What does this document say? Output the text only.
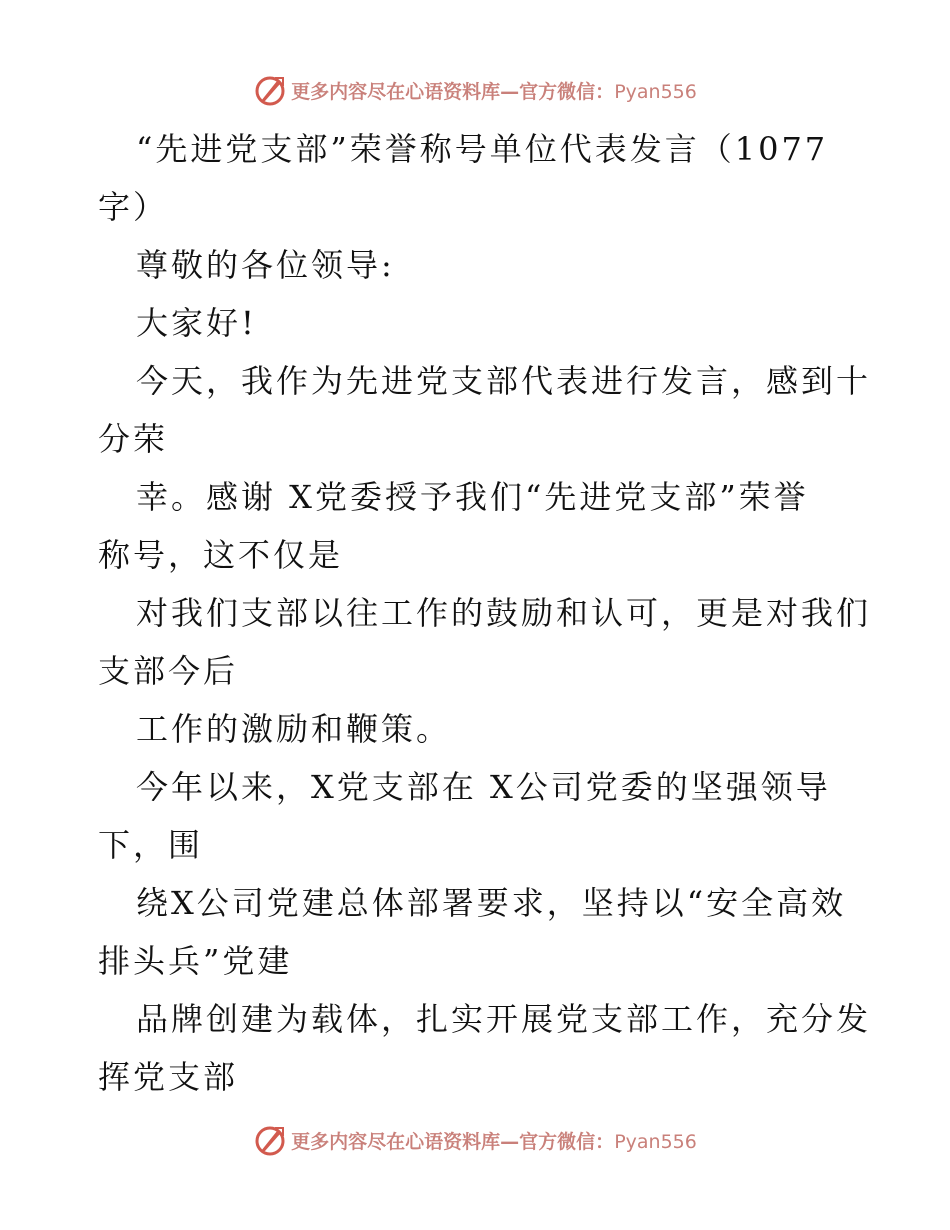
更多内容尽在心语资料库—官方微信：Pyan556
“先进党支部”荣誉称号单位代表发言（1077
字）
尊敬的各位领导:
大家好!
今天，我作为先进党支部代表进行发言，感到十
分荣
幸。感谢 X党委授予我们“先进党支部”荣誉
称号，这不仅是
对我们支部以往工作的鼓励和认可，更是对我们
支部今后
工作的激励和鞭策。
今年以来，X党支部在 X公司党委的坚强领导
下，围
绕X公司党建总体部署要求，坚持以“安全高效
排头兵”党建
品牌创建为载体，扎实开展党支部工作，充分发
挥党支部
更多内容尽在心语资料库—官方微信：Pyan556
